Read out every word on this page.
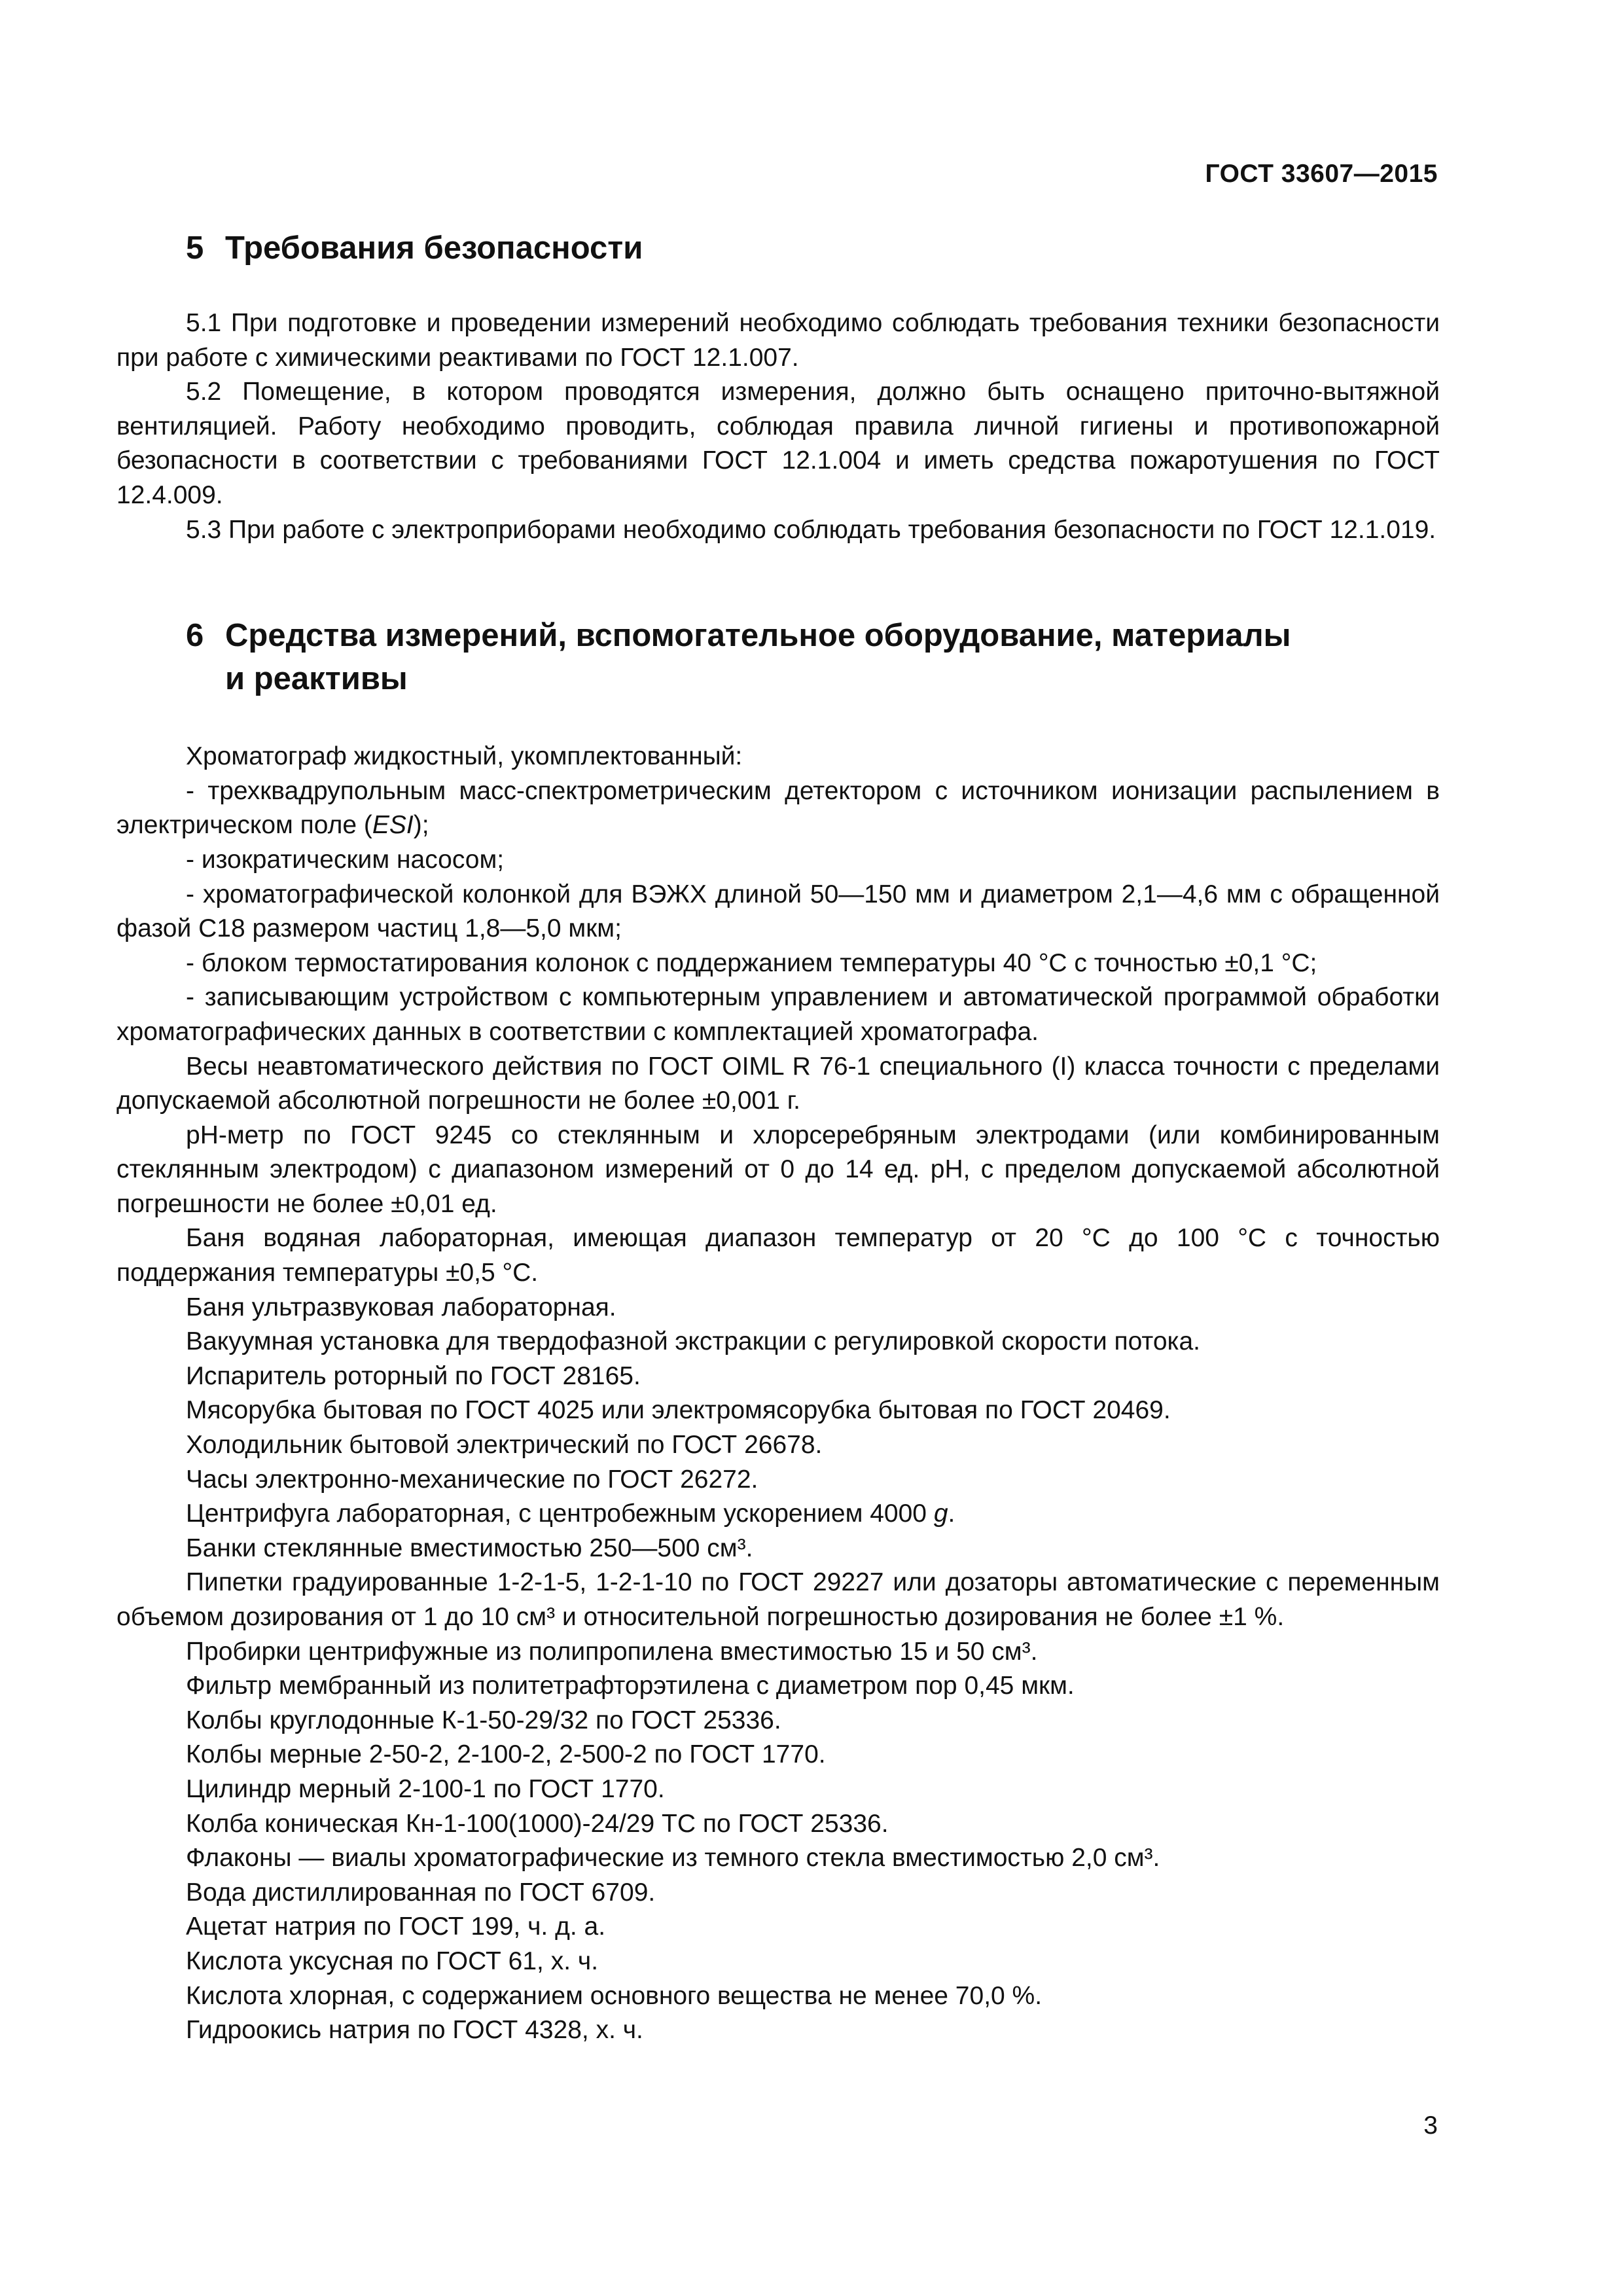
ГОСТ 33607—2015
5 Требования безопасности

5.1 При подготовке и проведении измерений необходимо соблюдать требования техники безопасности при работе с химическими реактивами по ГОСТ 12.1.007.

5.2 Помещение, в котором проводятся измерения, должно быть оснащено приточно-вытяжной вентиляцией. Работу необходимо проводить, соблюдая правила личной гигиены и противопожарной безопасности в соответствии с требованиями ГОСТ 12.1.004 и иметь средства пожаротушения по ГОСТ 12.4.009.

5.3 При работе с электроприборами необходимо соблюдать требования безопасности по ГОСТ 12.1.019.

6 Средства измерений, вспомогательное оборудование, материалы
и реактивы

Хроматограф жидкостный, укомплектованный:

- трехквадрупольным масс-спектрометрическим детектором с источником ионизации распылением в электрическом поле (ESI);

- изократическим насосом;

- хроматографической колонкой для ВЭЖХ длиной 50—150 мм и диаметром 2,1—4,6 мм с обращенной фазой С18 размером частиц 1,8—5,0 мкм;

- блоком термостатирования колонок с поддержанием температуры 40 °С с точностью ±0,1 °С;

- записывающим устройством с компьютерным управлением и автоматической программой обработки хроматографических данных в соответствии с комплектацией хроматографа.

Весы неавтоматического действия по ГОСТ OIML R 76-1 специального (I) класса точности с пределами допускаемой абсолютной погрешности не более ±0,001 г.

pH-метр по ГОСТ 9245 со стеклянным и хлорсеребряным электродами (или комбинированным стеклянным электродом) с диапазоном измерений от 0 до 14 ед. pH, с пределом допускаемой абсолютной погрешности не более ±0,01 ед.

Баня водяная лабораторная, имеющая диапазон температур от 20 °С до 100 °С с точностью поддержания температуры ±0,5 °С.

Баня ультразвуковая лабораторная.

Вакуумная установка для твердофазной экстракции с регулировкой скорости потока.

Испаритель роторный по ГОСТ 28165.

Мясорубка бытовая по ГОСТ 4025 или электромясорубка бытовая по ГОСТ 20469.

Холодильник бытовой электрический по ГОСТ 26678.

Часы электронно-механические по ГОСТ 26272.

Центрифуга лабораторная, с центробежным ускорением 4000 g.

Банки стеклянные вместимостью 250—500 см³.

Пипетки градуированные 1-2-1-5, 1-2-1-10 по ГОСТ 29227 или дозаторы автоматические с переменным объемом дозирования от 1 до 10 см³ и относительной погрешностью дозирования не более ±1 %.

Пробирки центрифужные из полипропилена вместимостью 15 и 50 см³.

Фильтр мембранный из политетрафторэтилена с диаметром пор 0,45 мкм.

Колбы круглодонные К-1-50-29/32 по ГОСТ 25336.

Колбы мерные 2-50-2, 2-100-2, 2-500-2 по ГОСТ 1770.

Цилиндр мерный 2-100-1 по ГОСТ 1770.

Колба коническая Кн-1-100(1000)-24/29 ТС по ГОСТ 25336.

Флаконы — виалы хроматографические из темного стекла вместимостью 2,0 см³.

Вода дистиллированная по ГОСТ 6709.

Ацетат натрия по ГОСТ 199, ч. д. а.

Кислота уксусная по ГОСТ 61, х. ч.

Кислота хлорная, с содержанием основного вещества не менее 70,0 %.

Гидроокись натрия по ГОСТ 4328, х. ч.

3
